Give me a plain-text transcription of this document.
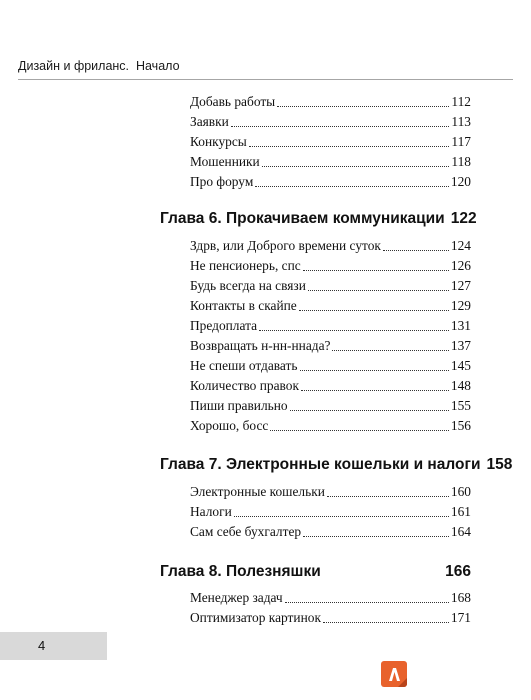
Дизайн и фриланс.  Начало
Добавь работы	112
Заявки	113
Конкурсы	117
Мошенники	118
Про форум	120
Глава 6. Прокачиваем коммуникации 122
Здрв, или Доброго времени суток	124
Не пенсионерь, спс	126
Будь всегда на связи	127
Контакты в скайпе	129
Предоплата	131
Возвращать н-нн-ннада?	137
Не спеши отдавать	145
Количество правок	148
Пиши правильно	155
Хорошо, босс	156
Глава 7. Электронные кошельки и налоги 158
Электронные кошельки	160
Налоги	161
Сам себе бухгалтер	164
Глава 8. Полезняшки	166
Менеджер задач	168
Оптимизатор картинок	171
4
